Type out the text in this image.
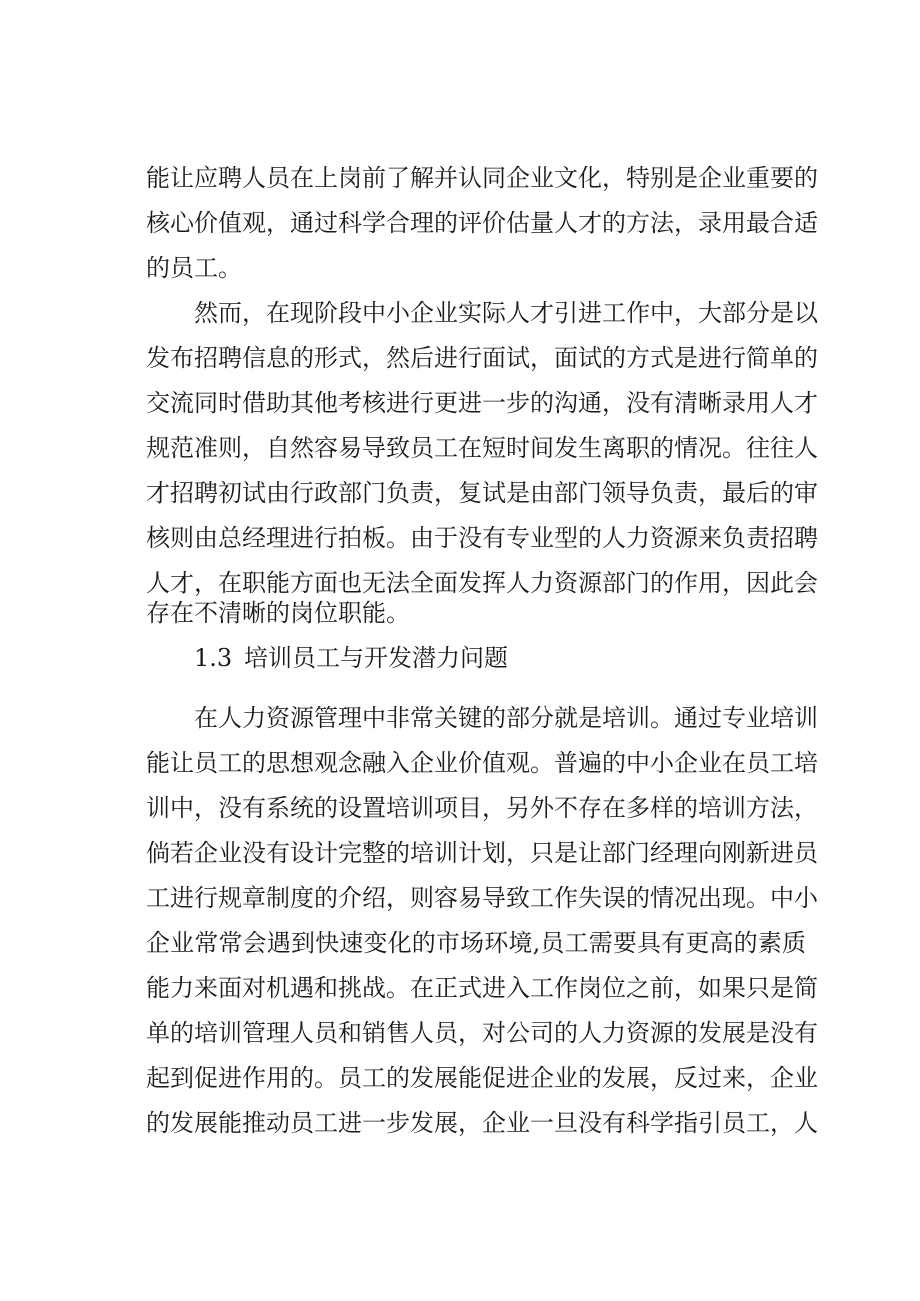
能让应聘人员在上岗前了解并认同企业文化，特别是企业重要的
核心价值观，通过科学合理的评价估量人才的方法，录用最合适
的员工。
然而，在现阶段中小企业实际人才引进工作中，大部分是以
发布招聘信息的形式，然后进行面试，面试的方式是进行简单的
交流同时借助其他考核进行更进一步的沟通，没有清晰录用人才
规范准则，自然容易导致员工在短时间发生离职的情况。往往人
才招聘初试由行政部门负责，复试是由部门领导负责，最后的审
核则由总经理进行拍板。由于没有专业型的人力资源来负责招聘
人才，在职能方面也无法全面发挥人力资源部门的作用，因此会
存在不清晰的岗位职能。
1.3 培训员工与开发潜力问题
在人力资源管理中非常关键的部分就是培训。通过专业培训
能让员工的思想观念融入企业价值观。普遍的中小企业在员工培
训中，没有系统的设置培训项目，另外不存在多样的培训方法，
倘若企业没有设计完整的培训计划，只是让部门经理向刚新进员
工进行规章制度的介绍，则容易导致工作失误的情况出现。中小
企业常常会遇到快速变化的市场环境,员工需要具有更高的素质
能力来面对机遇和挑战。在正式进入工作岗位之前，如果只是简
单的培训管理人员和销售人员，对公司的人力资源的发展是没有
起到促进作用的。员工的发展能促进企业的发展，反过来，企业
的发展能推动员工进一步发展，企业一旦没有科学指引员工，人
